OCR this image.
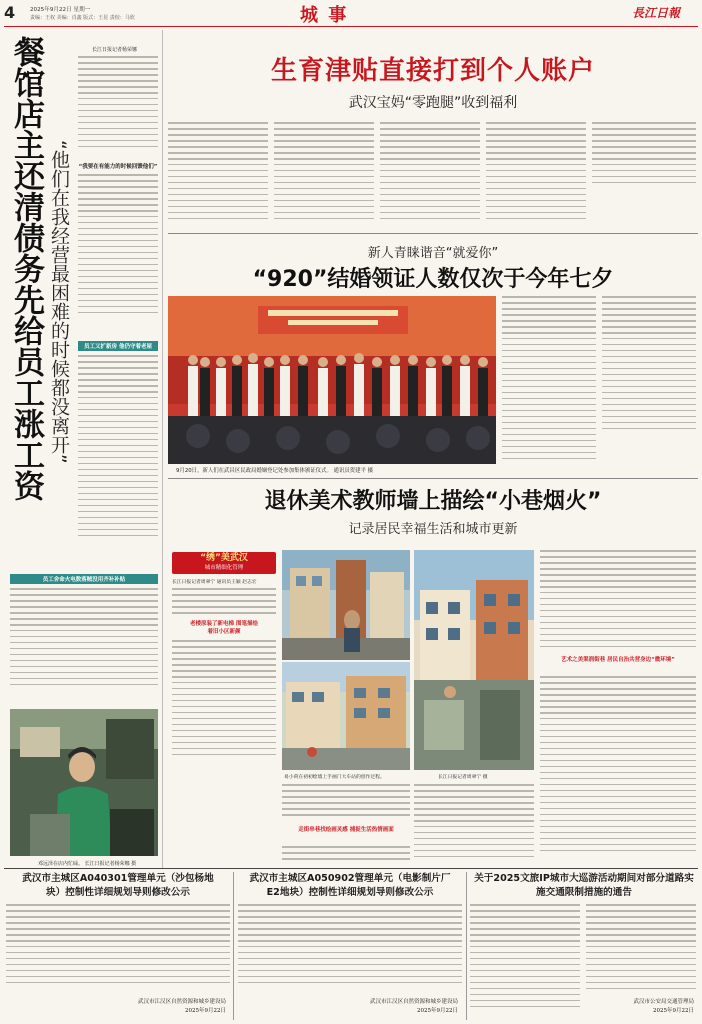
4	2025年9月22日 星期一
责编：王权 美编：肖鑫 版式：王昆 责校：马欣	城 事	長江日報
餐馆店主还清债务先给员工涨工资 “他们在我经营最困难的时候都没离开”
长江日报记者杨荣娜
“我要在有能力的时候回馈他们”
员工又扩新房 他仍守着老屋
员工舍命火电数落贼没用齐补补贴
邓远泽在店内忙碌。 长江日报记者杨荣娜 摄
生育津贴直接打到个人账户
武汉宝妈“零跑腿”收到福利
新人青睐谐音“就爱你”
“920”结婚领证人数仅次于今年七夕
9月20日，新人们在武昌区民政局婚姻登记处参加集体颁证仪式。 通讯员贺建平 摄
退休美术教师墙上描绘“小巷烟火”
记录居民幸福生活和城市更新
“绣”美武汉
城市精细化管理
长江日报记者周翠宁 通讯员王颖 赵志宏
老楼原装了新电梯 围笔描绘着旧小区新颜
易小荷在初初绘墙上手画门大车站的创作过程。	长江日报记者周翠宁 摄
走街串巷找绘画灵感 捕捉生活热情画面
艺术之美渠润街巷 居民自治共营身边“微环境”
武汉市主城区A040301管理单元（沙包杨地块）控制性详细规划导则修改公示
武汉市江汉区自然资源和城乡建设局
2025年9月22日
武汉市主城区A050902管理单元（电影制片厂E2地块）控制性详细规划导则修改公示
武汉市江汉区自然资源和城乡建设局
2025年9月22日
关于2025文旅IP城市大巡游活动期间对部分道路实施交通限制措施的通告
武汉市公安局交通管理局
2025年9月22日
